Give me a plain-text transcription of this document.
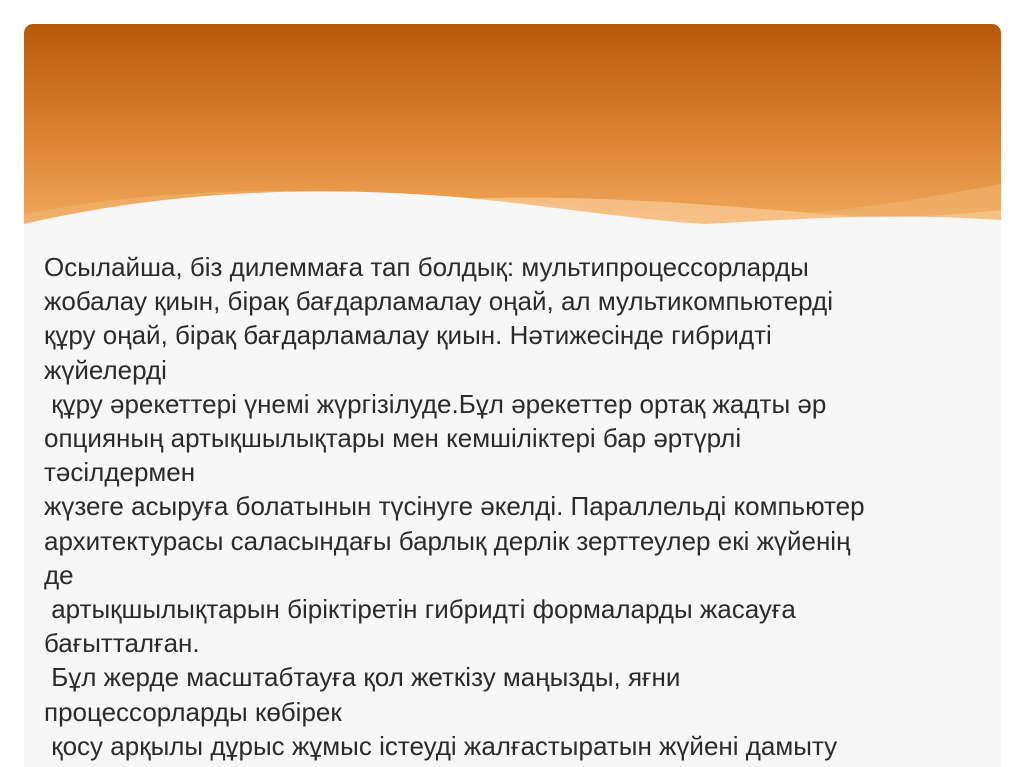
Осылайша, біз дилеммаға тап болдық: мультипроцессорларды
жобалау қиын, бірақ бағдарламалау оңай, ал мультикомпьютерді
құру оңай, бірақ бағдарламалау қиын. Нәтижесінде гибридті
жүйелерді
құру әрекеттері үнемі жүргізілуде.Бұл әрекеттер ортақ жадты әр
опцияның артықшылықтары мен кемшіліктері бар әртүрлі
тәсілдермен
жүзеге асыруға болатынын түсінуге әкелді. Параллельді компьютер
архитектурасы саласындағы барлық дерлік зерттеулер екі жүйенің
де
артықшылықтарын біріктіретін гибридті формаларды жасауға
бағытталған.
Бұл жерде масштабтауға қол жеткізу маңызды, яғни
процессорларды көбірек
қосу арқылы дұрыс жұмыс істеуді жалғастыратын жүйені дамыту
